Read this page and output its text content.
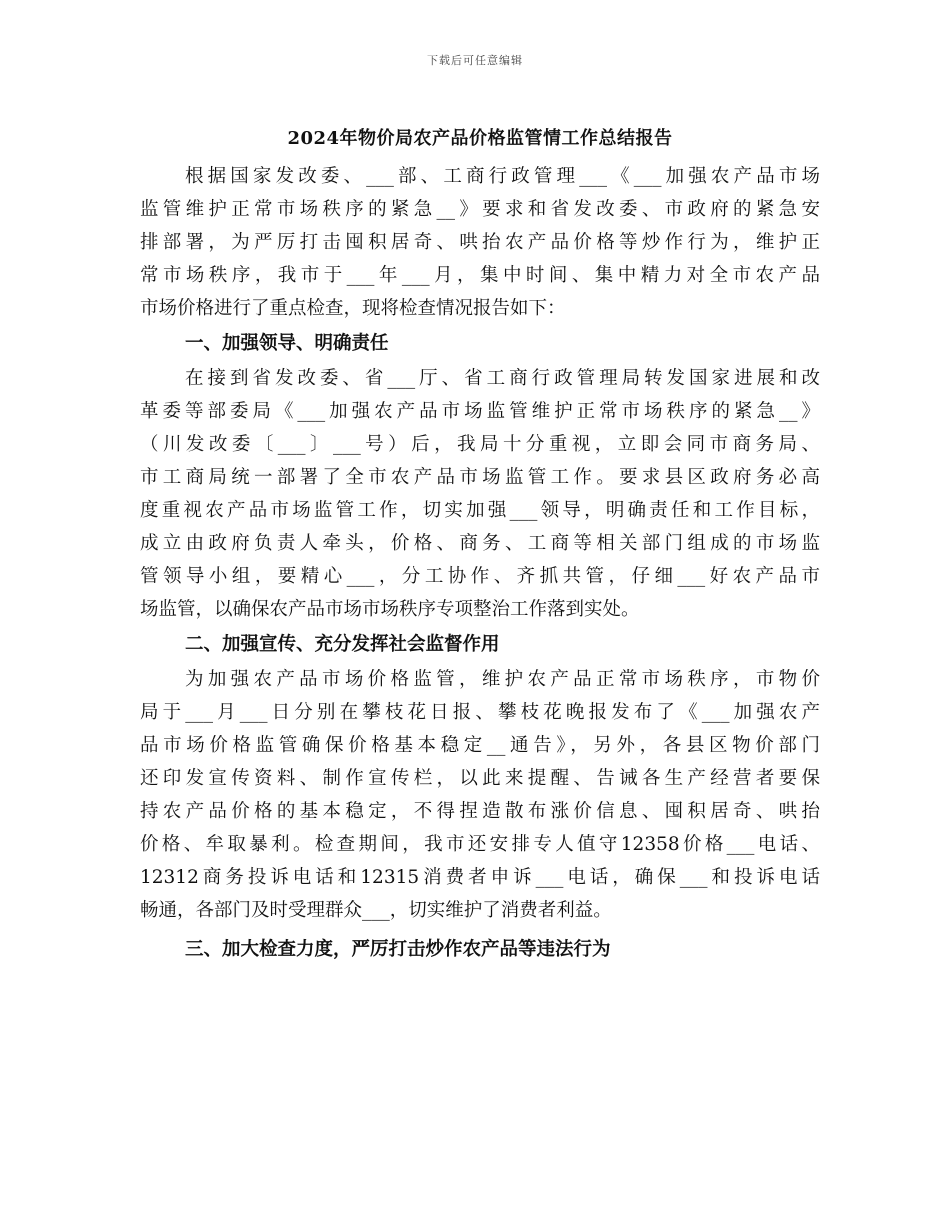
下载后可任意编辑
2024年物价局农产品价格监管情工作总结报告

根据国家发改委、___部、工商行政管理___《___加强农产品市场

监管维护正常市场秩序的紧急__》要求和省发改委、市政府的紧急安

排部署，为严厉打击囤积居奇、哄抬农产品价格等炒作行为，维护正

常市场秩序，我市于___年___月，集中时间、集中精力对全市农产品

市场价格进行了重点检查，现将检查情况报告如下：

一、加强领导、明确责任

在接到省发改委、省___厅、省工商行政管理局转发国家进展和改

革委等部委局《___加强农产品市场监管维护正常市场秩序的紧急__》

（川发改委〔___〕___号）后，我局十分重视，立即会同市商务局、

市工商局统一部署了全市农产品市场监管工作。要求县区政府务必高

度重视农产品市场监管工作，切实加强___领导，明确责任和工作目标，

成立由政府负责人牵头，价格、商务、工商等相关部门组成的市场监

管领导小组，要精心___，分工协作、齐抓共管，仔细___好农产品市

场监管，以确保农产品市场市场秩序专项整治工作落到实处。

二、加强宣传、充分发挥社会监督作用

为加强农产品市场价格监管，维护农产品正常市场秩序，市物价

局于___月___日分别在攀枝花日报、攀枝花晚报发布了《___加强农产

品市场价格监管确保价格基本稳定__通告》，另外，各县区物价部门

还印发宣传资料、制作宣传栏，以此来提醒、告诫各生产经营者要保

持农产品价格的基本稳定，不得捏造散布涨价信息、囤积居奇、哄抬

价格、牟取暴利。检查期间，我市还安排专人值守12358价格___电话、

12312商务投诉电话和12315消费者申诉___电话，确保___和投诉电话

畅通，各部门及时受理群众___，切实维护了消费者利益。

三、加大检查力度，严厉打击炒作农产品等违法行为
